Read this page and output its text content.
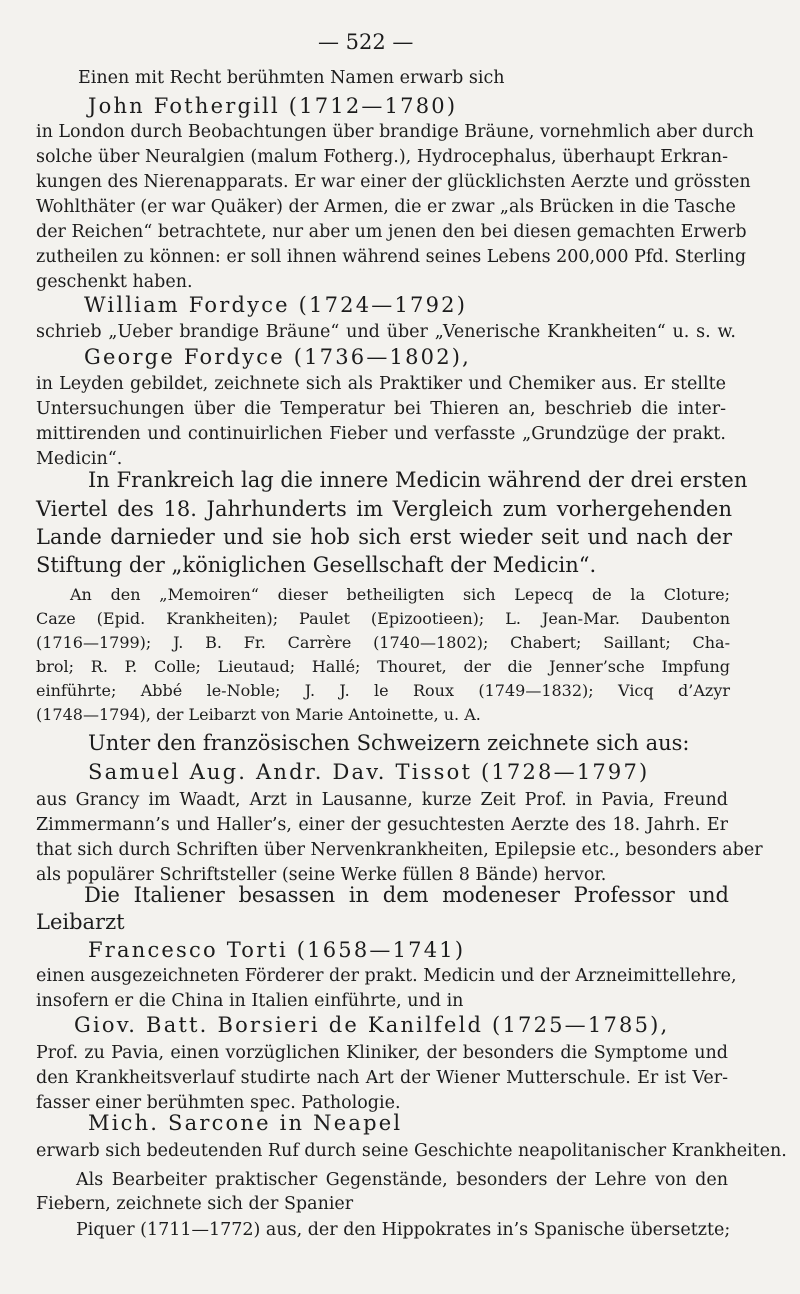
— 522 —
Einen mit Recht berühmten Namen erwarb sich
John Fothergill (1712—1780)
in London durch Beobachtungen über brandige Bräune, vornehmlich aber durch
solche über Neuralgien (malum Fotherg.), Hydrocephalus, überhaupt Erkran-
kungen des Nierenapparats. Er war einer der glücklichsten Aerzte und grössten
Wohlthäter (er war Quäker) der Armen, die er zwar „als Brücken in die Tasche
der Reichen“ betrachtete, nur aber um jenen den bei diesen gemachten Erwerb
zutheilen zu können: er soll ihnen während seines Lebens 200,000 Pfd. Sterling
geschenkt haben.
William Fordyce (1724—1792)
schrieb „Ueber brandige Bräune“ und über „Venerische Krankheiten“ u. s. w.
George Fordyce (1736—1802),
in Leyden gebildet, zeichnete sich als Praktiker und Chemiker aus. Er stellte
Untersuchungen über die Temperatur bei Thieren an, beschrieb die inter-
mittirenden und continuirlichen Fieber und verfasste „Grundzüge der prakt.
Medicin“.
In Frankreich lag die innere Medicin während der drei ersten
Viertel des 18. Jahrhunderts im Vergleich zum vorhergehenden
Lande darnieder und sie hob sich erst wieder seit und nach der
Stiftung der „königlichen Gesellschaft der Medicin“.
An den „Memoiren“ dieser betheiligten sich Lepecq de la Cloture;
Caze (Epid. Krankheiten); Paulet (Epizootieen); L. Jean-Mar. Daubenton
(1716—1799); J. B. Fr. Carrère (1740—1802); Chabert; Saillant; Cha-
brol; R. P. Colle; Lieutaud; Hallé; Thouret, der die Jenner’sche Impfung
einführte; Abbé le-Noble; J. J. le Roux (1749—1832); Vicq d’Azyr
(1748—1794), der Leibarzt von Marie Antoinette, u. A.
Unter den französischen Schweizern zeichnete sich aus:
Samuel Aug. Andr. Dav. Tissot (1728—1797)
aus Grancy im Waadt, Arzt in Lausanne, kurze Zeit Prof. in Pavia, Freund
Zimmermann’s und Haller’s, einer der gesuchtesten Aerzte des 18. Jahrh. Er
that sich durch Schriften über Nervenkrankheiten, Epilepsie etc., besonders aber
als populärer Schriftsteller (seine Werke füllen 8 Bände) hervor.
Die Italiener besassen in dem modeneser Professor und
Leibarzt
Francesco Torti (1658—1741)
einen ausgezeichneten Förderer der prakt. Medicin und der Arzneimittellehre,
insofern er die China in Italien einführte, und in
Giov. Batt. Borsieri de Kanilfeld (1725—1785),
Prof. zu Pavia, einen vorzüglichen Kliniker, der besonders die Symptome und
den Krankheitsverlauf studirte nach Art der Wiener Mutterschule. Er ist Ver-
fasser einer berühmten spec. Pathologie.
Mich. Sarcone in Neapel
erwarb sich bedeutenden Ruf durch seine Geschichte neapolitanischer Krankheiten.
Als Bearbeiter praktischer Gegenstände, besonders der Lehre von den
Fiebern, zeichnete sich der Spanier
Piquer (1711—1772) aus, der den Hippokrates in’s Spanische übersetzte;
